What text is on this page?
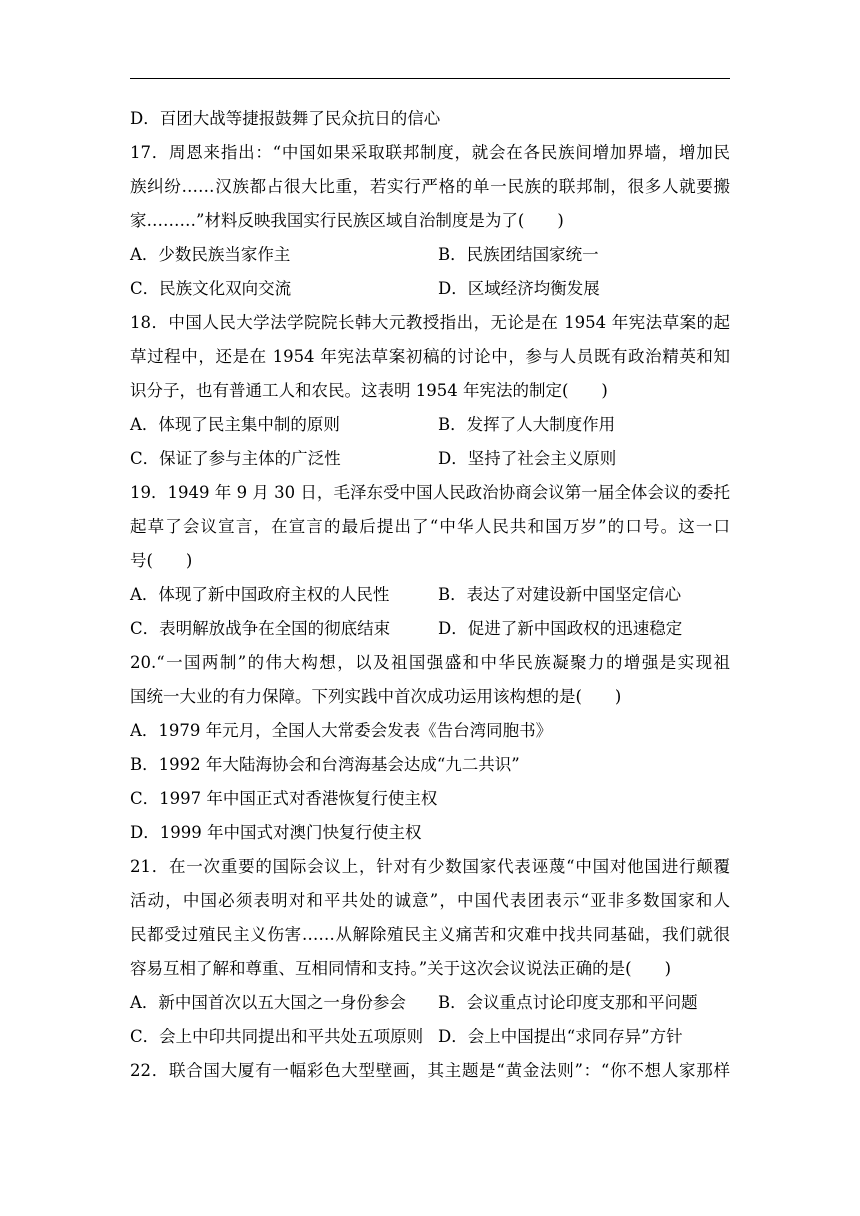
D．百团大战等捷报鼓舞了民众抗日的信心
17．周恩来指出：“中国如果采取联邦制度，就会在各民族间增加界墙，增加民
族纠纷……汉族都占很大比重，若实行严格的单一民族的联邦制，很多人就要搬
家………”材料反映我国实行民族区域自治制度是为了(　　)
A．少数民族当家作主	B．民族团结国家统一
C．民族文化双向交流	D．区域经济均衡发展
18．中国人民大学法学院院长韩大元教授指出，无论是在 1954 年宪法草案的起
草过程中，还是在 1954 年宪法草案初稿的讨论中，参与人员既有政治精英和知
识分子，也有普通工人和农民。这表明 1954 年宪法的制定(　　)
A．体现了民主集中制的原则	B．发挥了人大制度作用
C．保证了参与主体的广泛性	D．坚持了社会主义原则
19．1949 年 9 月 30 日，毛泽东受中国人民政治协商会议第一届全体会议的委托
起草了会议宣言，在宣言的最后提出了“中华人民共和国万岁”的口号。这一口
号(　　)
A．体现了新中国政府主权的人民性	B．表达了对建设新中国坚定信心
C．表明解放战争在全国的彻底结束	D．促进了新中国政权的迅速稳定
20.“一国两制”的伟大构想，以及祖国强盛和中华民族凝聚力的增强是实现祖
国统一大业的有力保障。下列实践中首次成功运用该构想的是(　　)
A．1979 年元月，全国人大常委会发表《告台湾同胞书》
B．1992 年大陆海协会和台湾海基会达成“九二共识”
C．1997 年中国正式对香港恢复行使主权
D．1999 年中国式对澳门快复行使主权
21．在一次重要的国际会议上，针对有少数国家代表诬蔑“中国对他国进行颠覆
活动，中国必须表明对和平共处的诚意”，中国代表团表示“亚非多数国家和人
民都受过殖民主义伤害……从解除殖民主义痛苦和灾难中找共同基础，我们就很
容易互相了解和尊重、互相同情和支持。”关于这次会议说法正确的是(　　)
A．新中国首次以五大国之一身份参会	B．会议重点讨论印度支那和平问题
C．会上中印共同提出和平共处五项原则 D．会上中国提出“求同存异”方针
22．联合国大厦有一幅彩色大型壁画，其主题是“黄金法则”：“你不想人家那样
